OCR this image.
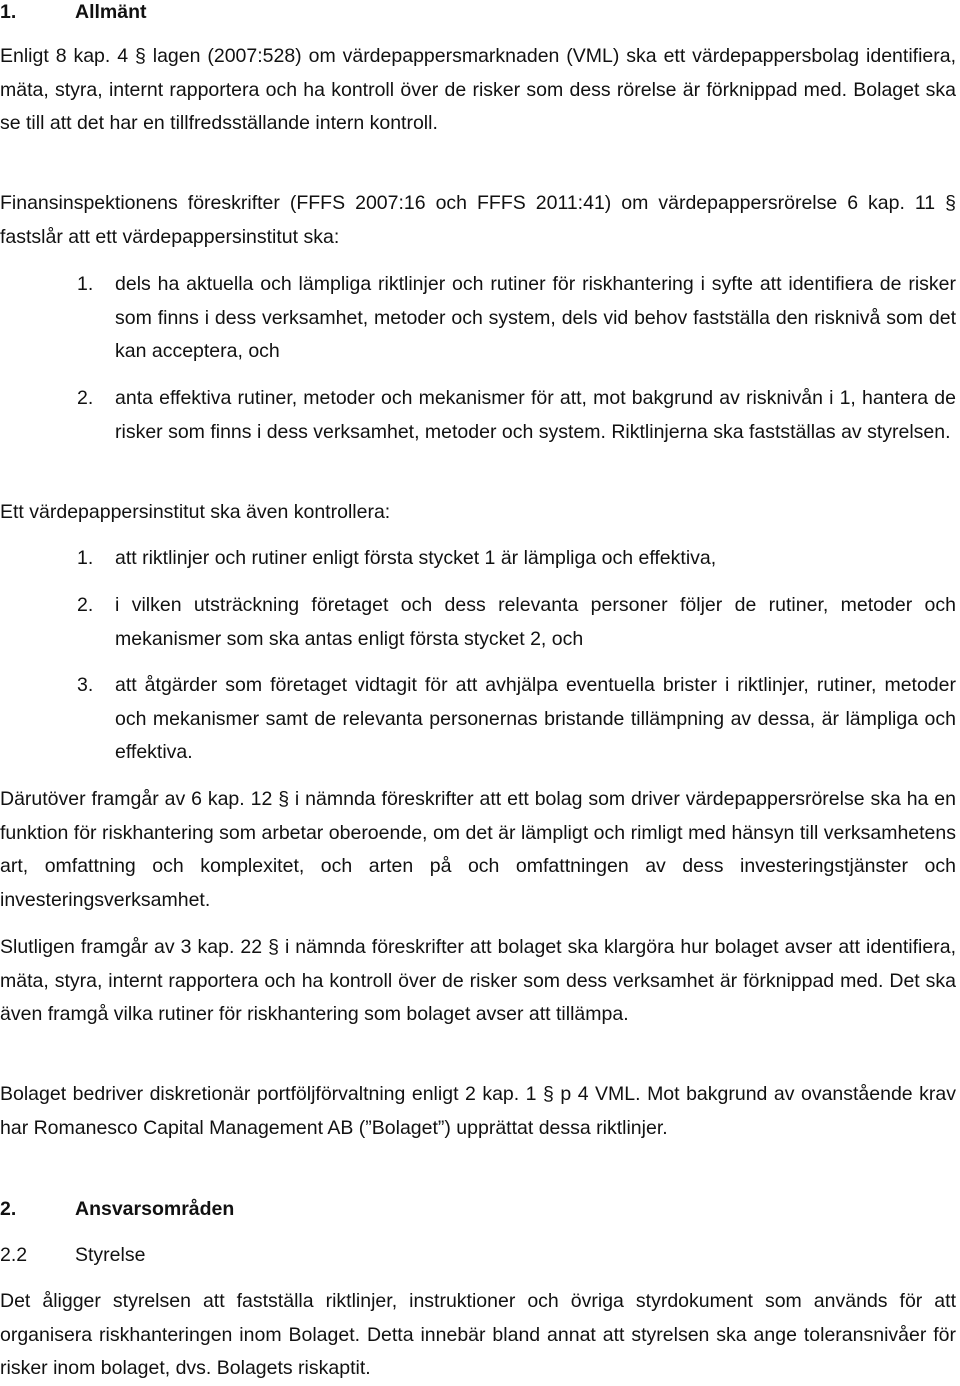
1.	Allmänt

Enligt 8 kap. 4 § lagen (2007:528) om värdepappersmarknaden (VML) ska ett värdepappersbolag identifiera, mäta, styra, internt rapportera och ha kontroll över de risker som dess rörelse är förknippad med. Bolaget ska se till att det har en tillfredsställande intern kontroll.

Finansinspektionens föreskrifter (FFFS 2007:16 och FFFS 2011:41) om värdepappersrörelse 6 kap. 11 § fastslår att ett värdepappersinstitut ska:

1.	dels ha aktuella och lämpliga riktlinjer och rutiner för riskhantering i syfte att identifiera de risker som finns i dess verksamhet, metoder och system, dels vid behov fastställa den risknivå som det kan acceptera, och
2.	anta effektiva rutiner, metoder och mekanismer för att, mot bakgrund av risknivån i 1, hantera de risker som finns i dess verksamhet, metoder och system. Riktlinjerna ska fastställas av styrelsen.

Ett värdepappersinstitut ska även kontrollera:

1.	att riktlinjer och rutiner enligt första stycket 1 är lämpliga och effektiva,
2.	i vilken utsträckning företaget och dess relevanta personer följer de rutiner, metoder och mekanismer som ska antas enligt första stycket 2, och
3.	att åtgärder som företaget vidtagit för att avhjälpa eventuella brister i riktlinjer, rutiner, metoder och mekanismer samt de relevanta personernas bristande tillämpning av dessa, är lämpliga och effektiva.

Därutöver framgår av 6 kap. 12 § i nämnda föreskrifter att ett bolag som driver värdepappersrörelse ska ha en funktion för riskhantering som arbetar oberoende, om det är lämpligt och rimligt med hänsyn till verksamhetens art, omfattning och komplexitet, och arten på och omfattningen av dess investeringstjänster och investeringsverksamhet.

Slutligen framgår av 3 kap. 22 § i nämnda föreskrifter att bolaget ska klargöra hur bolaget avser att identifiera, mäta, styra, internt rapportera och ha kontroll över de risker som dess verksamhet är förknippad med. Det ska även framgå vilka rutiner för riskhantering som bolaget avser att tillämpa.

Bolaget bedriver diskretionär portföljförvaltning enligt 2 kap. 1 § p 4 VML. Mot bakgrund av ovanstående krav har Romanesco Capital Management AB (”Bolaget”) upprättat dessa riktlinjer.

2.	Ansvarsområden
2.2	Styrelse

Det åligger styrelsen att fastställa riktlinjer, instruktioner och övriga styrdokument som används för att organisera riskhanteringen inom Bolaget. Detta innebär bland annat att styrelsen ska ange toleransnivåer för risker inom bolaget, dvs. Bolagets riskaptit.
